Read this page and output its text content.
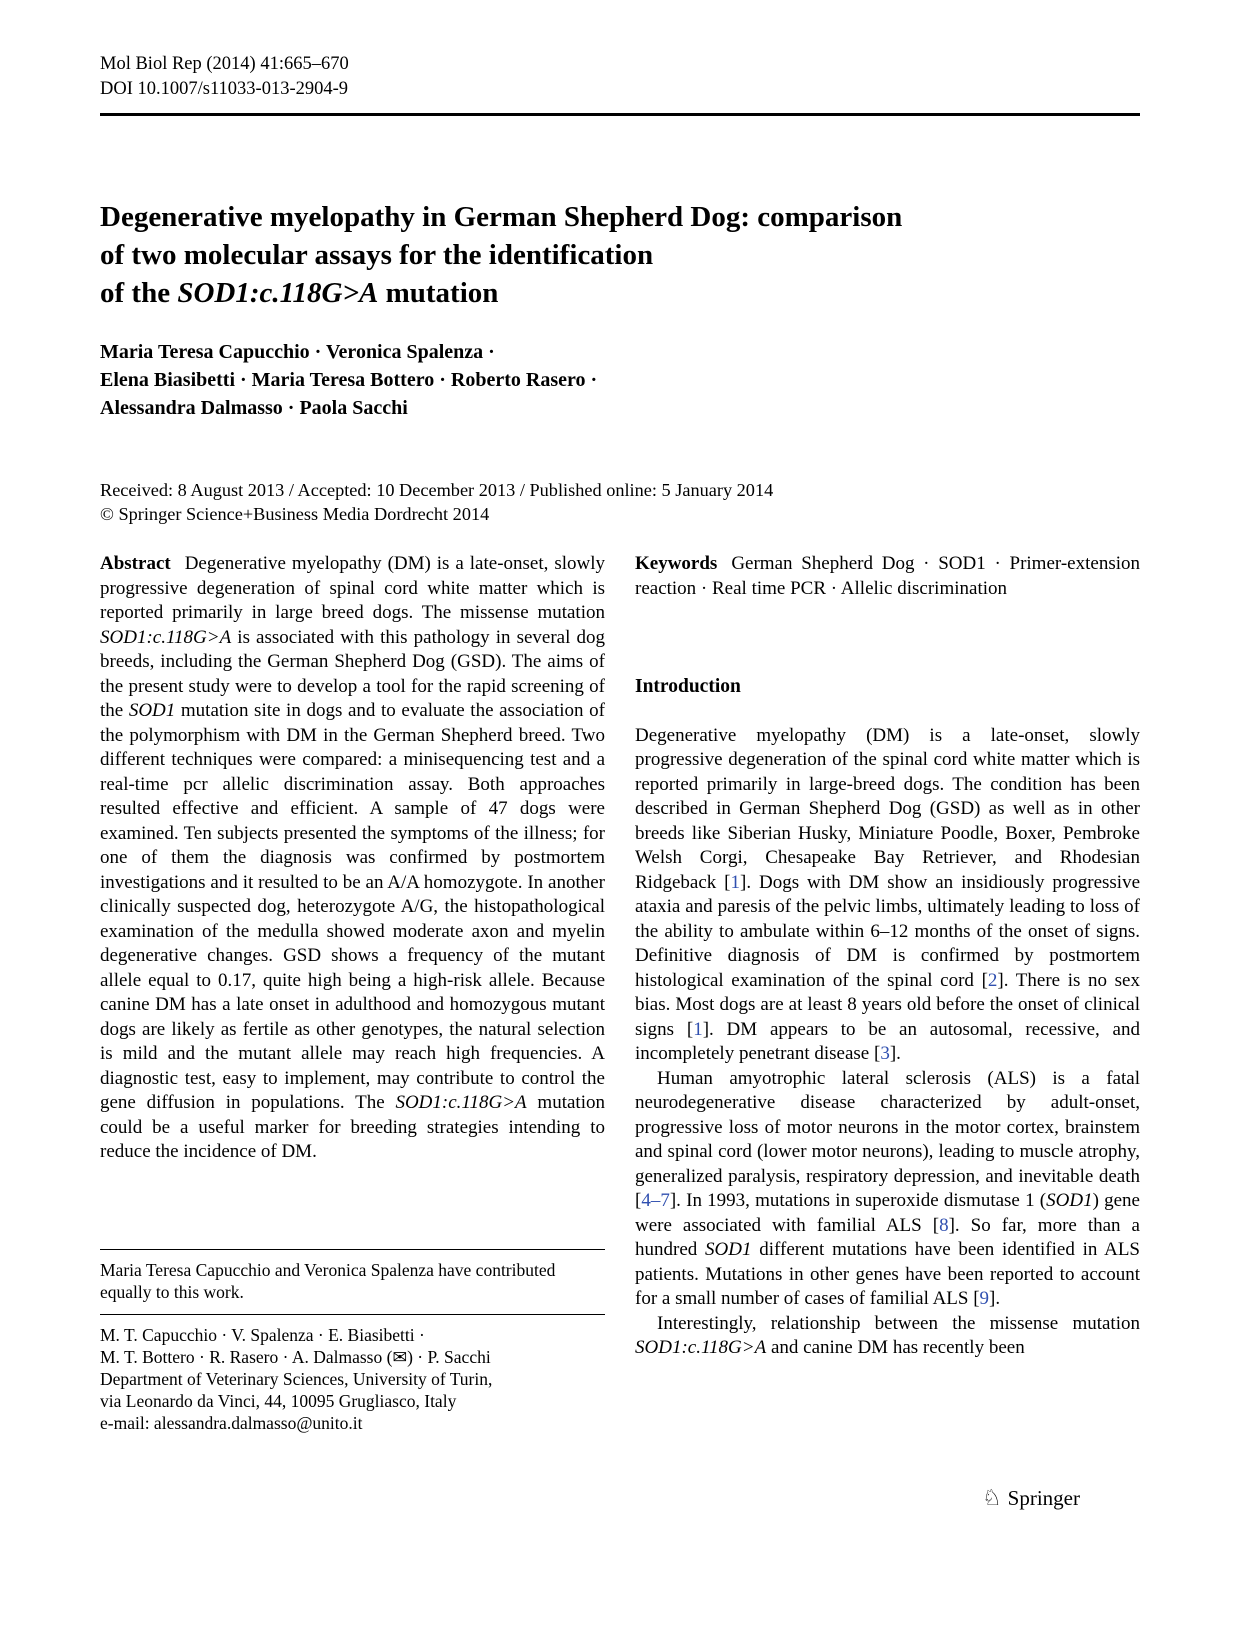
Mol Biol Rep (2014) 41:665–670
DOI 10.1007/s11033-013-2904-9
Degenerative myelopathy in German Shepherd Dog: comparison
of two molecular assays for the identification
of the SOD1:c.118G>A mutation
Maria Teresa Capucchio · Veronica Spalenza ·
Elena Biasibetti · Maria Teresa Bottero · Roberto Rasero ·
Alessandra Dalmasso · Paola Sacchi
Received: 8 August 2013 / Accepted: 10 December 2013 / Published online: 5 January 2014
© Springer Science+Business Media Dordrecht 2014

Abstract Degenerative myelopathy (DM) is a late-onset, slowly progressive degeneration of spinal cord white matter which is reported primarily in large breed dogs. The missense mutation SOD1:c.118G>A is associated with this pathology in several dog breeds, including the German Shepherd Dog (GSD). The aims of the present study were to develop a tool for the rapid screening of the SOD1 mutation site in dogs and to evaluate the association of the polymorphism with DM in the German Shepherd breed. Two different techniques were compared: a minisequencing test and a real-time pcr allelic discrimination assay. Both approaches resulted effective and efficient. A sample of 47 dogs were examined. Ten subjects presented the symptoms of the illness; for one of them the diagnosis was confirmed by postmortem investigations and it resulted to be an A/A homozygote. In another clinically suspected dog, heterozygote A/G, the histopathological examination of the medulla showed moderate axon and myelin degenerative changes. GSD shows a frequency of the mutant allele equal to 0.17, quite high being a high-risk allele. Because canine DM has a late onset in adulthood and homozygous mutant dogs are likely as fertile as other genotypes, the natural selection is mild and the mutant allele may reach high frequencies. A diagnostic test, easy to implement, may contribute to control the gene diffusion in populations. The SOD1:c.118G>A mutation could be a useful marker for breeding strategies intending to reduce the incidence of DM.

Maria Teresa Capucchio and Veronica Spalenza have contributed equally to this work.

M. T. Capucchio · V. Spalenza · E. Biasibetti ·
M. T. Bottero · R. Rasero · A. Dalmasso (✉) · P. Sacchi
Department of Veterinary Sciences, University of Turin,
via Leonardo da Vinci, 44, 10095 Grugliasco, Italy
e-mail: alessandra.dalmasso@unito.it

Keywords German Shepherd Dog · SOD1 · Primer-extension reaction · Real time PCR · Allelic discrimination

Introduction

Degenerative myelopathy (DM) is a late-onset, slowly progressive degeneration of the spinal cord white matter which is reported primarily in large-breed dogs. The condition has been described in German Shepherd Dog (GSD) as well as in other breeds like Siberian Husky, Miniature Poodle, Boxer, Pembroke Welsh Corgi, Chesapeake Bay Retriever, and Rhodesian Ridgeback [1]. Dogs with DM show an insidiously progressive ataxia and paresis of the pelvic limbs, ultimately leading to loss of the ability to ambulate within 6–12 months of the onset of signs. Definitive diagnosis of DM is confirmed by postmortem histological examination of the spinal cord [2]. There is no sex bias. Most dogs are at least 8 years old before the onset of clinical signs [1]. DM appears to be an autosomal, recessive, and incompletely penetrant disease [3].

Human amyotrophic lateral sclerosis (ALS) is a fatal neurodegenerative disease characterized by adult-onset, progressive loss of motor neurons in the motor cortex, brainstem and spinal cord (lower motor neurons), leading to muscle atrophy, generalized paralysis, respiratory depression, and inevitable death [4–7]. In 1993, mutations in superoxide dismutase 1 (SOD1) gene were associated with familial ALS [8]. So far, more than a hundred SOD1 different mutations have been identified in ALS patients. Mutations in other genes have been reported to account for a small number of cases of familial ALS [9].

Interestingly, relationship between the missense mutation SOD1:c.118G>A and canine DM has recently been

♘ Springer
